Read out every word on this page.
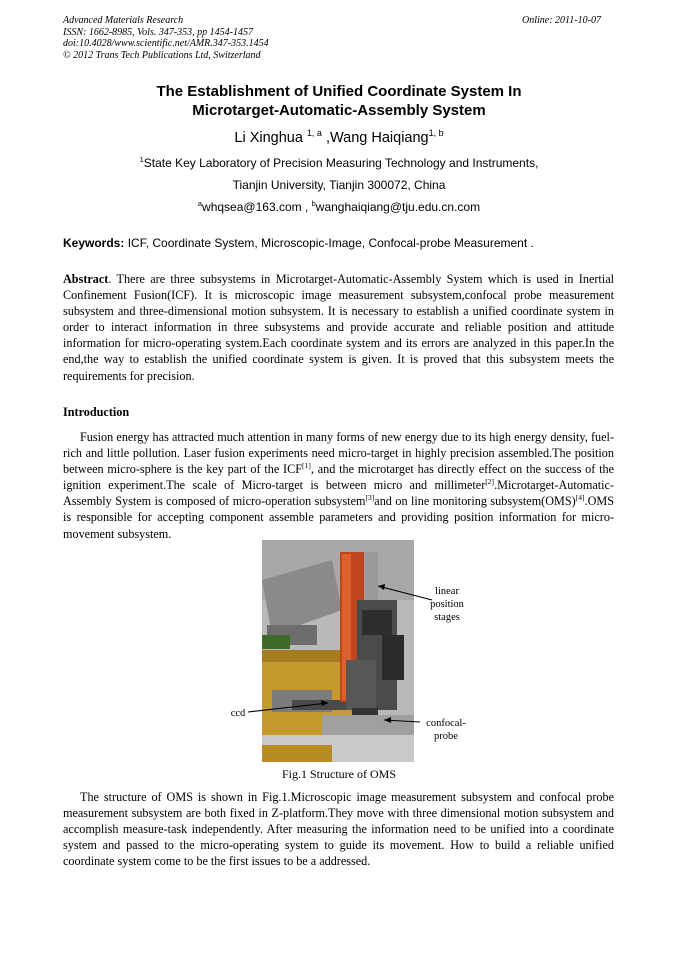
Advanced Materials Research
ISSN: 1662-8985, Vols. 347-353, pp 1454-1457
doi:10.4028/www.scientific.net/AMR.347-353.1454
© 2012 Trans Tech Publications Ltd, Switzerland
Online: 2011-10-07
The Establishment of Unified Coordinate System In
Microtarget-Automatic-Assembly System
Li Xinghua $^{1, a}$ ,Wang Haiqiang$^{1, b}$
$^1$State Key Laboratory of Precision Measuring Technology and Instruments,
Tianjin University, Tianjin 300072, China
$^a$whqsea@163.com , $^b$wanghaiqiang@tju.edu.cn.com
Keywords: ICF, Coordinate System, Microscopic-Image, Confocal-probe Measurement .

Abstract. There are three subsystems in Microtarget-Automatic-Assembly System which is used in Inertial Confinement Fusion(ICF). It is microscopic image measurement subsystem,confocal probe measurement subsystem and three-dimensional motion subsystem. It is necessary to establish a unified coordinate system in order to interact information in three subsystems and provide accurate and reliable position and attitude information for micro-operating system.Each coordinate system and its errors are analyzed in this paper.In the end,the way to establish the unified coordinate system is given. It is proved that this subsystem meets the requirements for precision.

Introduction

Fusion energy has attracted much attention in many forms of new energy due to its high energy density, fuel-rich and little pollution. Laser fusion experiments need micro-target in highly precision assembled.The position between micro-sphere is the key part of the ICF[1], and the microtarget has directly effect on the success of the ignition experiment.The scale of Micro-target is between micro and millimeter[2].Microtarget-Automatic-Assembly System is composed of micro-operation subsystem[3]and on line monitoring subsystem(OMS)[4].OMS is responsible for accepting component assemble parameters and providing position information for micro-movement subsystem.

linear
position
stages
ccd
confocal-
probe
Fig.1 Structure of OMS

The structure of OMS is shown in Fig.1.Microscopic image measurement subsystem and confocal probe measurement subsystem are both fixed in Z-platform.They move with three dimensional motion subsystem and accomplish measure-task independently. After measuring the information need to be unified into a coordinate system and passed to the micro-operating system to guide its movement. How to build a reliable unified coordinate system come to be the first issues to be a addressed.
